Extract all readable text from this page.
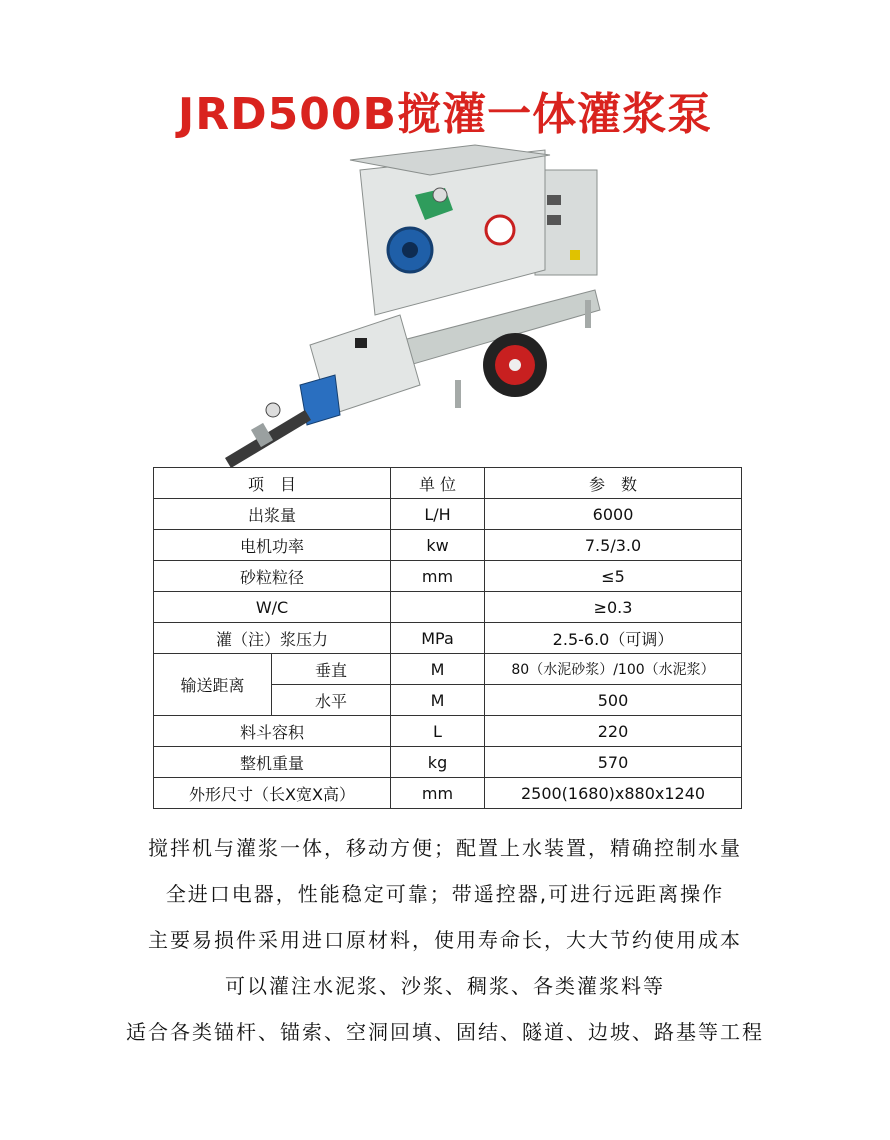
JRD500B搅灌一体灌浆泵
项　目		单 位	参　数
出浆量		L/H	6000
电机功率		kw	7.5/3.0
砂粒粒径		mm	≤5
W/C			≥0.3
灌（注）浆压力		MPa	2.5-6.0（可调）
输送距离	垂直	M	80（水泥砂浆）/100（水泥浆）
	水平	M	500
料斗容积		L	220
整机重量		kg	570
外形尺寸（长X宽X高）		mm	2500(1680)x880x1240
搅拌机与灌浆一体，移动方便；配置上水装置，精确控制水量
全进口电器，性能稳定可靠；带遥控器,可进行远距离操作
主要易损件采用进口原材料，使用寿命长，大大节约使用成本
可以灌注水泥浆、沙浆、稠浆、各类灌浆料等
适合各类锚杆、锚索、空洞回填、固结、隧道、边坡、路基等工程
